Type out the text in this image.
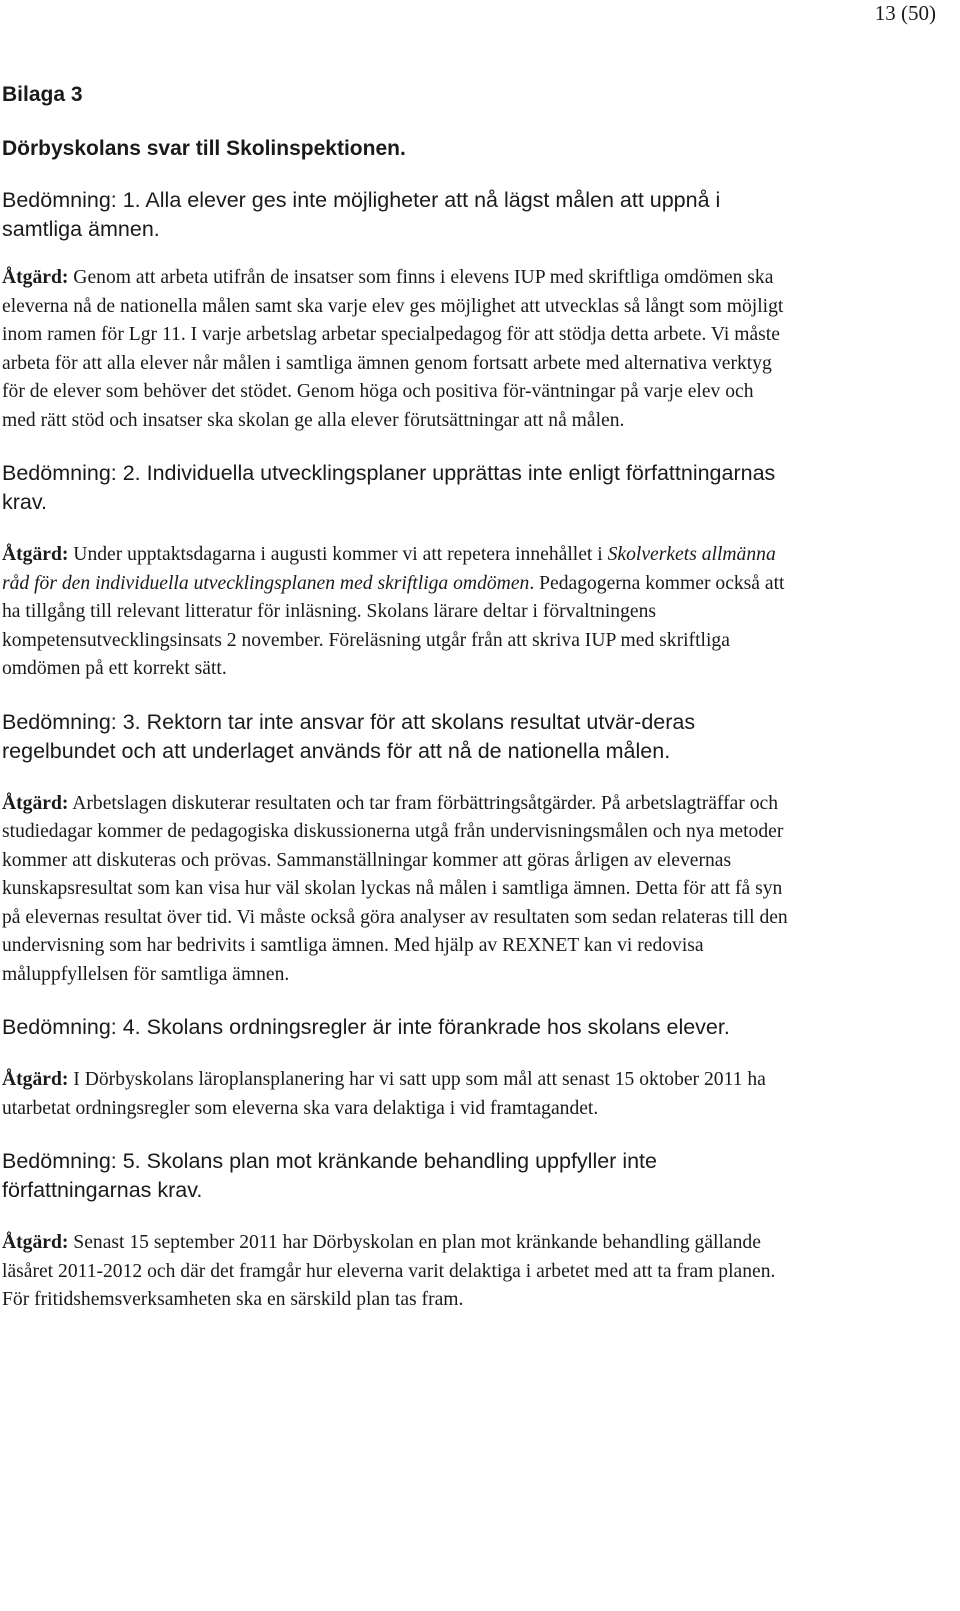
13 (50)

Bilaga 3

Dörbyskolans svar till Skolinspektionen.

Bedömning: 1. Alla elever ges inte möjligheter att nå lägst målen att uppnå i samtliga ämnen.

Åtgärd: Genom att arbeta utifrån de insatser som finns i elevens IUP med skriftliga omdömen ska eleverna nå de nationella målen samt ska varje elev ges möjlighet att utvecklas så långt som möjligt inom ramen för Lgr 11. I varje arbetslag arbetar specialpedagog för att stödja detta arbete. Vi måste arbeta för att alla elever når målen i samtliga ämnen genom fortsatt arbete med alternativa verktyg för de elever som behöver det stödet. Genom höga och positiva för-väntningar på varje elev och med rätt stöd och insatser ska skolan ge alla elever förutsättningar att nå målen.

Bedömning: 2. Individuella utvecklingsplaner upprättas inte enligt författningarnas krav.

Åtgärd: Under upptaktsdagarna i augusti kommer vi att repetera innehållet i Skolverkets allmänna råd för den individuella utvecklingsplanen med skriftliga omdömen. Pedagogerna kommer också att ha tillgång till relevant litteratur för inläsning. Skolans lärare deltar i förvaltningens kompetensutvecklingsinsats 2 november. Föreläsning utgår från att skriva IUP med skriftliga omdömen på ett korrekt sätt.

Bedömning: 3. Rektorn tar inte ansvar för att skolans resultat utvär-deras regelbundet och att underlaget används för att nå de nationella målen.

Åtgärd: Arbetslagen diskuterar resultaten och tar fram förbättringsåtgärder. På arbetslagträffar och studiedagar kommer de pedagogiska diskussionerna utgå från undervisningsmålen och nya metoder kommer att diskuteras och prövas. Sammanställningar kommer att göras årligen av elevernas kunskapsresultat som kan visa hur väl skolan lyckas nå målen i samtliga ämnen. Detta för att få syn på elevernas resultat över tid. Vi måste också göra analyser av resultaten som sedan relateras till den undervisning som har bedrivits i samtliga ämnen. Med hjälp av REXNET kan vi redovisa måluppfyllelsen för samtliga ämnen.

Bedömning: 4. Skolans ordningsregler är inte förankrade hos skolans elever.

Åtgärd: I Dörbyskolans läroplansplanering har vi satt upp som mål att senast 15 oktober 2011 ha utarbetat ordningsregler som eleverna ska vara delaktiga i vid framtagandet.

Bedömning: 5. Skolans plan mot kränkande behandling uppfyller inte författningarnas krav.

Åtgärd: Senast 15 september 2011 har Dörbyskolan en plan mot kränkande behandling gällande läsåret 2011-2012 och där det framgår hur eleverna varit delaktiga i arbetet med att ta fram planen. För fritidshemsverksamheten ska en särskild plan tas fram.
